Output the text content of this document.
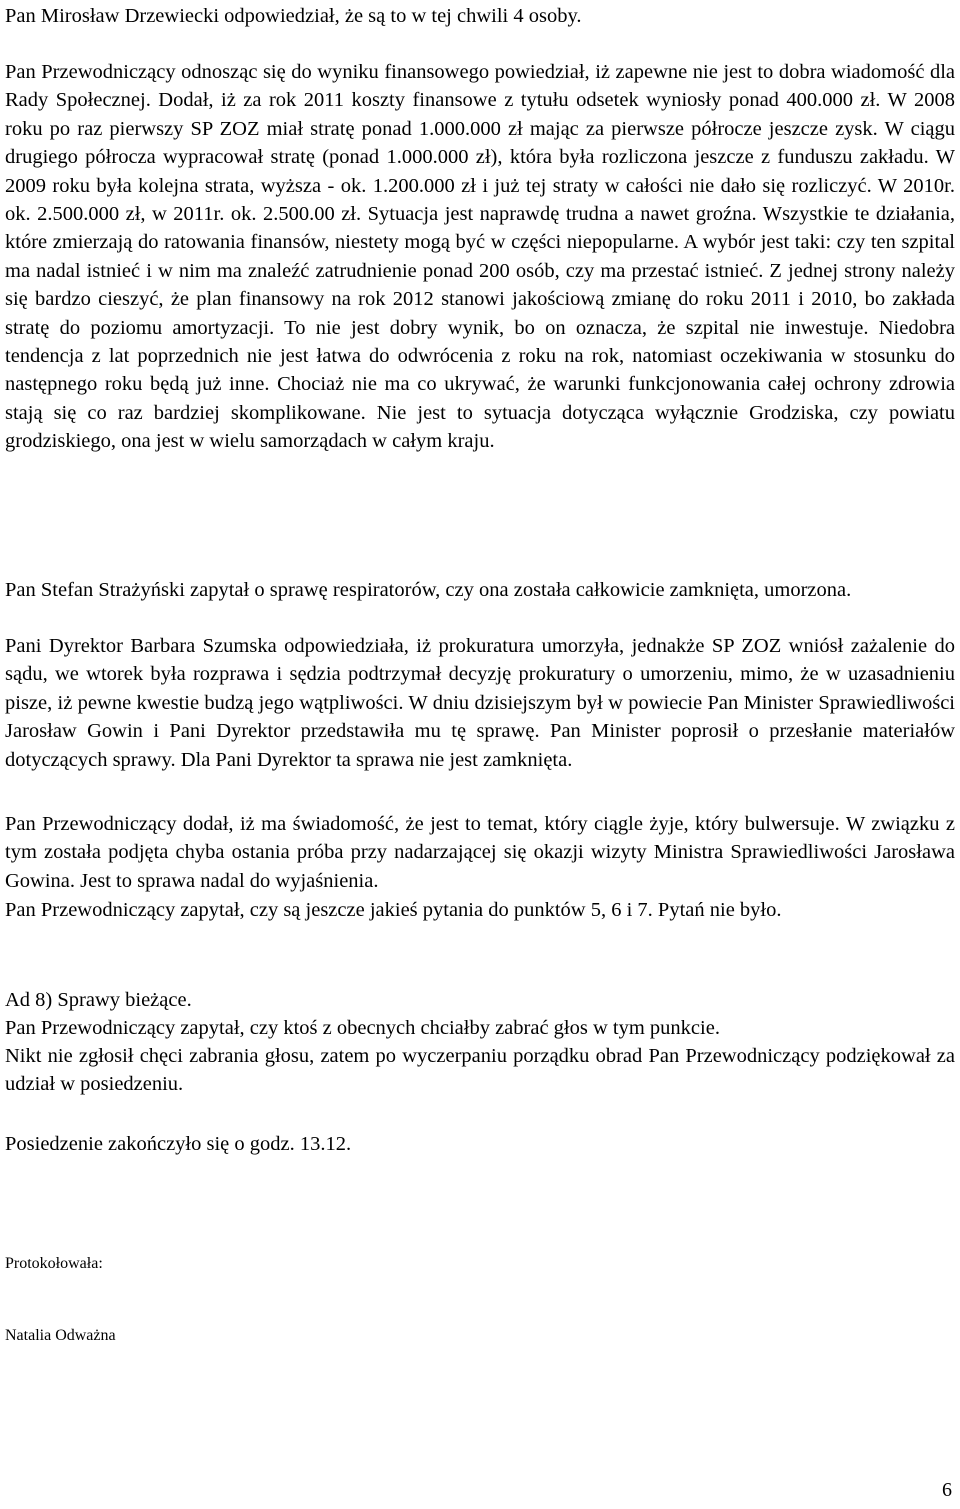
Pan Mirosław Drzewiecki odpowiedział, że są to w tej chwili 4 osoby.

Pan Przewodniczący odnosząc się do wyniku finansowego powiedział, iż zapewne nie jest to dobra wiadomość dla Rady Społecznej. Dodał, iż za rok 2011 koszty finansowe z tytułu odsetek wyniosły ponad 400.000 zł. W 2008 roku po raz pierwszy SP ZOZ miał stratę ponad 1.000.000 zł mając za pierwsze półrocze jeszcze zysk. W ciągu drugiego półrocza wypracował stratę (ponad 1.000.000 zł), która była rozliczona jeszcze z funduszu zakładu. W 2009 roku była kolejna strata, wyższa - ok. 1.200.000 zł i już tej straty w całości nie dało się rozliczyć. W 2010r. ok. 2.500.000 zł, w 2011r. ok. 2.500.00 zł. Sytuacja jest naprawdę trudna a nawet groźna. Wszystkie te działania, które zmierzają do ratowania finansów, niestety mogą być w części niepopularne. A wybór jest taki: czy ten szpital ma nadal istnieć i w nim ma znaleźć zatrudnienie ponad 200 osób, czy ma przestać istnieć. Z jednej strony należy się bardzo cieszyć, że plan finansowy na rok 2012 stanowi jakościową zmianę do roku 2011 i 2010, bo zakłada stratę do poziomu amortyzacji. To nie jest dobry wynik, bo on oznacza, że szpital nie inwestuje. Niedobra tendencja z lat poprzednich nie jest łatwa do odwrócenia z roku na rok, natomiast oczekiwania w stosunku do następnego roku będą już inne. Chociaż nie ma co ukrywać, że warunki funkcjonowania całej ochrony zdrowia stają się co raz bardziej skomplikowane. Nie jest to sytuacja dotycząca wyłącznie Grodziska, czy powiatu grodziskiego, ona jest w wielu samorządach w całym kraju.

Pan Stefan Strażyński zapytał o sprawę respiratorów, czy ona została całkowicie zamknięta, umorzona.

Pani Dyrektor Barbara Szumska odpowiedziała, iż prokuratura umorzyła, jednakże SP ZOZ wniósł zażalenie do sądu, we wtorek była rozprawa i sędzia podtrzymał decyzję prokuratury o umorzeniu, mimo, że w uzasadnieniu pisze, iż pewne kwestie budzą jego wątpliwości. W dniu dzisiejszym był w powiecie Pan Minister Sprawiedliwości Jarosław Gowin i Pani Dyrektor przedstawiła mu tę sprawę. Pan Minister poprosił o przesłanie materiałów dotyczących sprawy. Dla Pani Dyrektor ta sprawa nie jest zamknięta.

Pan Przewodniczący dodał, iż ma świadomość, że jest to temat, który ciągle żyje, który bulwersuje. W związku z tym została podjęta chyba ostania próba przy nadarzającej się okazji wizyty Ministra Sprawiedliwości Jarosława Gowina. Jest to sprawa nadal do wyjaśnienia.

Pan Przewodniczący zapytał, czy są jeszcze jakieś pytania do punktów 5, 6 i 7. Pytań nie było.

Ad 8) Sprawy bieżące.

Pan Przewodniczący zapytał, czy ktoś z obecnych chciałby zabrać głos w tym punkcie.

Nikt nie zgłosił chęci zabrania głosu, zatem po wyczerpaniu porządku obrad Pan Przewodniczący podziękował za udział w posiedzeniu.

Posiedzenie zakończyło się o godz. 13.12.

Protokołowała:
Natalia Odważna
6
